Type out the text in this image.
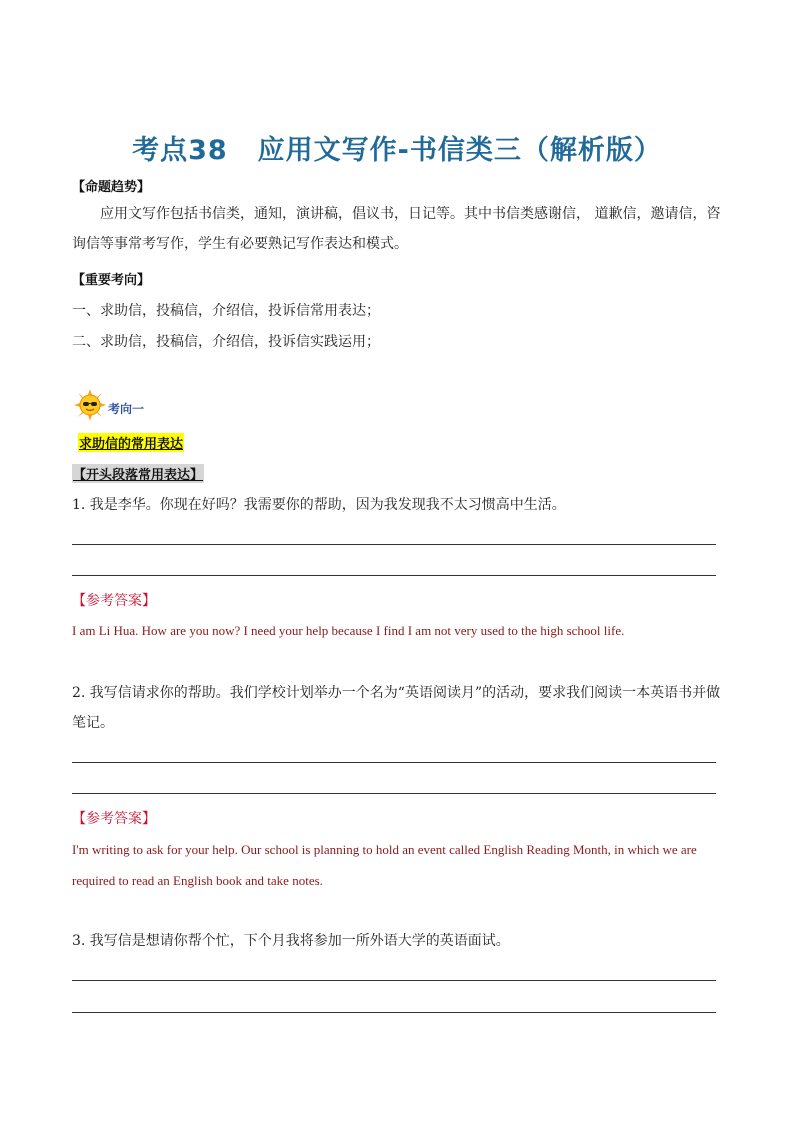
考点38 应用文写作-书信类三（解析版）
【命题趋势】
应用文写作包括书信类，通知，演讲稿，倡议书，日记等。其中书信类感谢信， 道歉信，邀请信，咨询信等事常考写作，学生有必要熟记写作表达和模式。
【重要考向】
一、求助信，投稿信，介绍信，投诉信常用表达；
二、求助信，投稿信，介绍信，投诉信实践运用；
考向一
求助信的常用表达
【开头段落常用表达】
1. 我是李华。你现在好吗？我需要你的帮助，因为我发现我不太习惯高中生活。
【参考答案】
I am Li Hua. How are you now? I need your help because I find I am not very used to the high school life.
2. 我写信请求你的帮助。我们学校计划举办一个名为“英语阅读月”的活动，要求我们阅读一本英语书并做笔记。
【参考答案】
I'm writing to ask for your help. Our school is planning to hold an event called English Reading Month, in which we are required to read an English book and take notes.
3. 我写信是想请你帮个忙，下个月我将参加一所外语大学的英语面试。
